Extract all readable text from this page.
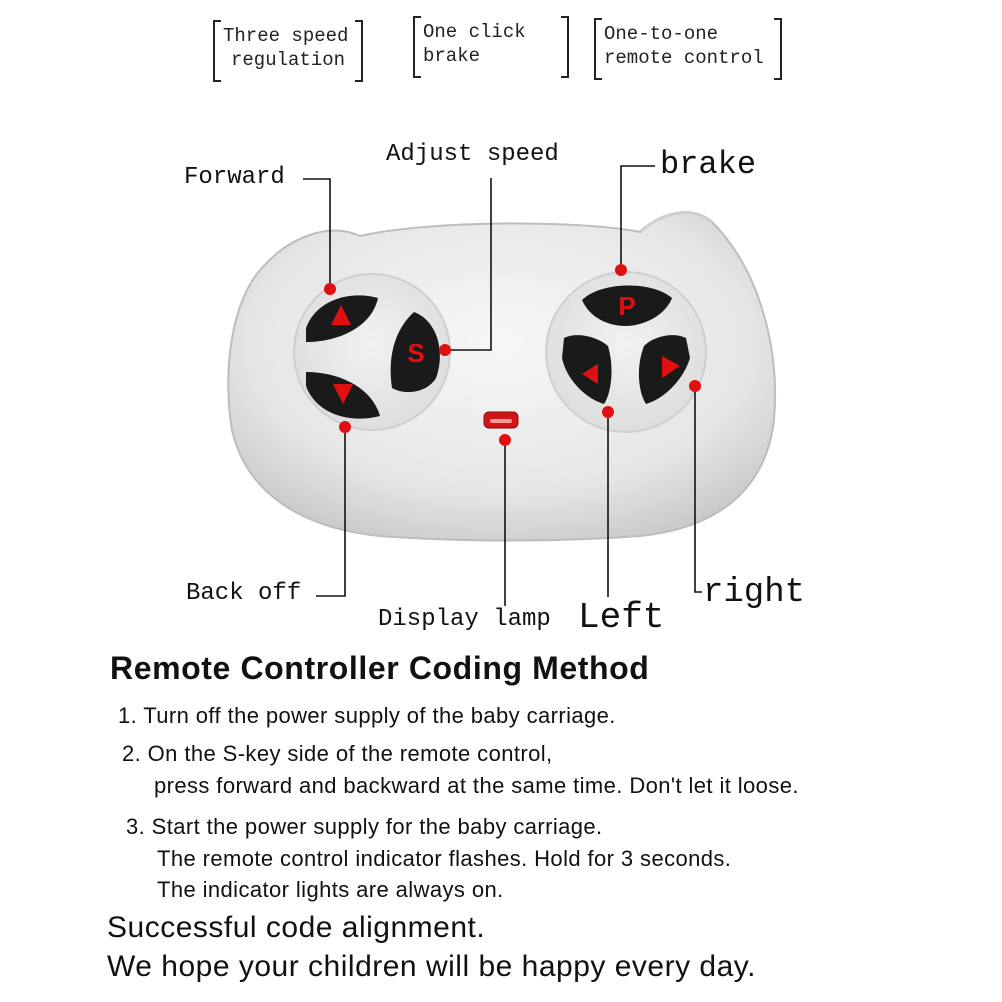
Three speed
regulation
One click
brake
One-to-one
remote control
S
P
Forward
Adjust speed	brake
Back off
Display lamp Left
right
Remote Controller Coding Method
1. Turn off the power supply of the baby carriage.
2. On the S-key side of the remote control,
press forward and backward at the same time. Don't let it loose.
3. Start the power supply for the baby carriage.
The remote control indicator flashes. Hold for 3 seconds.
The indicator lights are always on.
Successful code alignment.
We hope your children will be happy every day.
